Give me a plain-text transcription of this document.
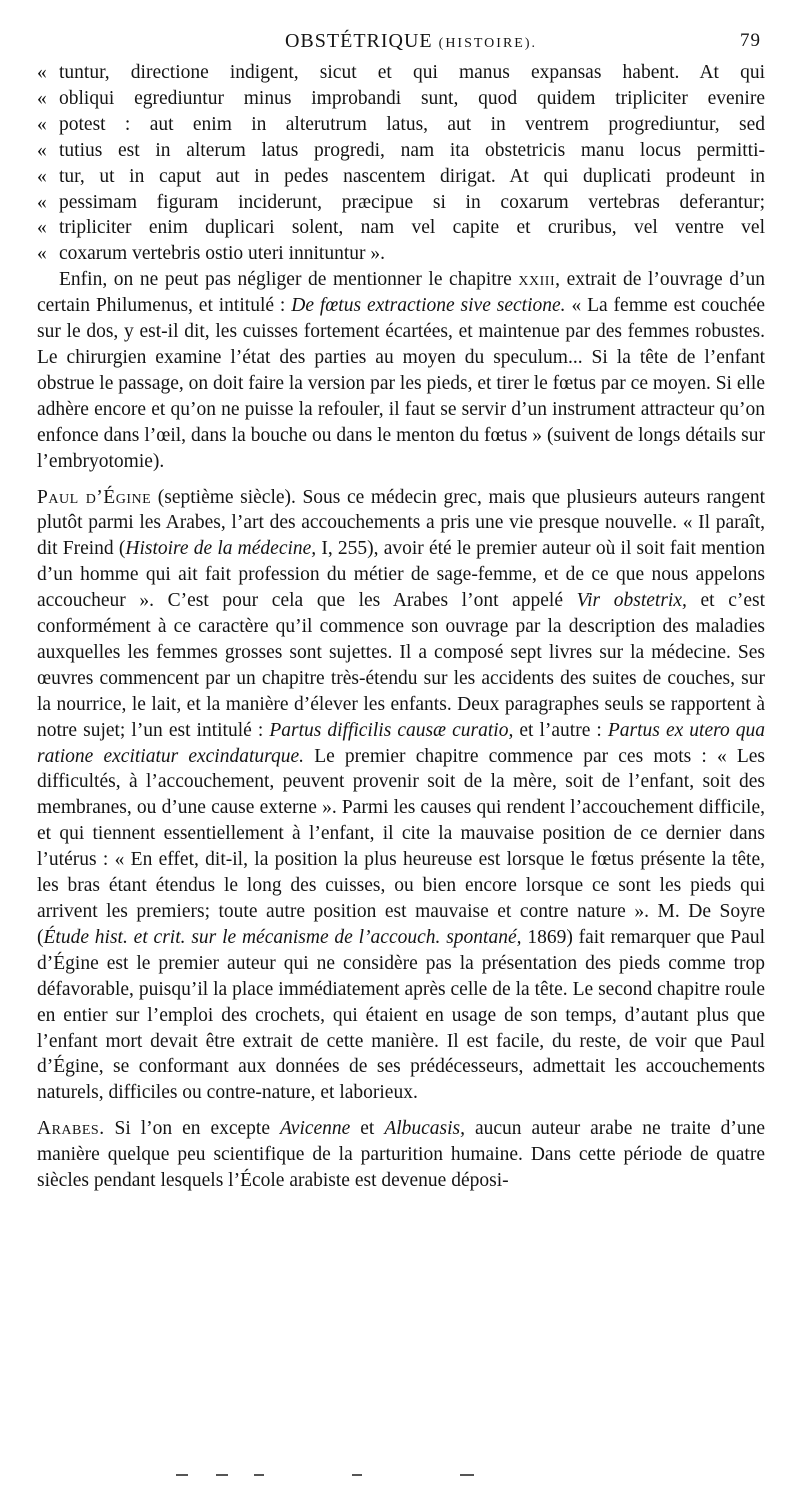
OBSTÉTRIQUE (HISTOIRE).	79
« tuntur, directione indigent, sicut et qui manus expansas habent. At qui
« obliqui egrediuntur minus improbandi sunt, quod quidem tripliciter evenire
« potest : aut enim in alterutrum latus, aut in ventrem progrediuntur, sed
« tutius est in alterum latus progredi, nam ita obstetricis manu locus permitti-
« tur, ut in caput aut in pedes nascentem dirigat. At qui duplicati prodeunt in
« pessimam figuram inciderunt, præcipue si in coxarum vertebras deferantur;
« tripliciter enim duplicari solent, nam vel capite et cruribus, vel ventre vel
« coxarum vertebris ostio uteri innituntur ».

Enfin, on ne peut pas négliger de mentionner le chapitre xxiii, extrait de l’ouvrage d’un certain Philumenus, et intitulé : De fœtus extractione sive sectione. « La femme est couchée sur le dos, y est-il dit, les cuisses fortement écartées, et maintenue par des femmes robustes. Le chirurgien examine l’état des parties au moyen du speculum... Si la tête de l’enfant obstrue le passage, on doit faire la version par les pieds, et tirer le fœtus par ce moyen. Si elle adhère encore et qu’on ne puisse la refouler, il faut se servir d’un instrument attracteur qu’on enfonce dans l’œil, dans la bouche ou dans le menton du fœtus » (suivent de longs détails sur l’embryotomie).

Paul d’Égine (septième siècle). Sous ce médecin grec, mais que plusieurs auteurs rangent plutôt parmi les Arabes, l’art des accouchements a pris une vie presque nouvelle. « Il paraît, dit Freind (Histoire de la médecine, I, 255), avoir été le premier auteur où il soit fait mention d’un homme qui ait fait profession du métier de sage-femme, et de ce que nous appelons accoucheur ». C’est pour cela que les Arabes l’ont appelé Vir obstetrix, et c’est conformément à ce caractère qu’il commence son ouvrage par la description des maladies auxquelles les femmes grosses sont sujettes. Il a composé sept livres sur la médecine. Ses œuvres commencent par un chapitre très-étendu sur les accidents des suites de couches, sur la nourrice, le lait, et la manière d’élever les enfants. Deux paragraphes seuls se rapportent à notre sujet; l’un est intitulé : Partus difficilis causæ curatio, et l’autre : Partus ex utero qua ratione excitiatur excindaturque. Le premier chapitre commence par ces mots : « Les difficultés, à l’accouchement, peuvent provenir soit de la mère, soit de l’enfant, soit des membranes, ou d’une cause externe ». Parmi les causes qui rendent l’accouchement difficile, et qui tiennent essentiellement à l’enfant, il cite la mauvaise position de ce dernier dans l’utérus : « En effet, dit-il, la position la plus heureuse est lorsque le fœtus présente la tête, les bras étant étendus le long des cuisses, ou bien encore lorsque ce sont les pieds qui arrivent les premiers; toute autre position est mauvaise et contre nature ». M. De Soyre (Étude hist. et crit. sur le mécanisme de l’accouch. spontané, 1869) fait remarquer que Paul d’Égine est le premier auteur qui ne considère pas la présentation des pieds comme trop défavorable, puisqu’il la place immédiatement après celle de la tête. Le second chapitre roule en entier sur l’emploi des crochets, qui étaient en usage de son temps, d’autant plus que l’enfant mort devait être extrait de cette manière. Il est facile, du reste, de voir que Paul d’Égine, se conformant aux données de ses prédécesseurs, admettait les accouchements naturels, difficiles ou contre-nature, et laborieux.

Arabes. Si l’on en excepte Avicenne et Albucasis, aucun auteur arabe ne traite d’une manière quelque peu scientifique de la parturition humaine. Dans cette période de quatre siècles pendant lesquels l’École arabiste est devenue déposi-
